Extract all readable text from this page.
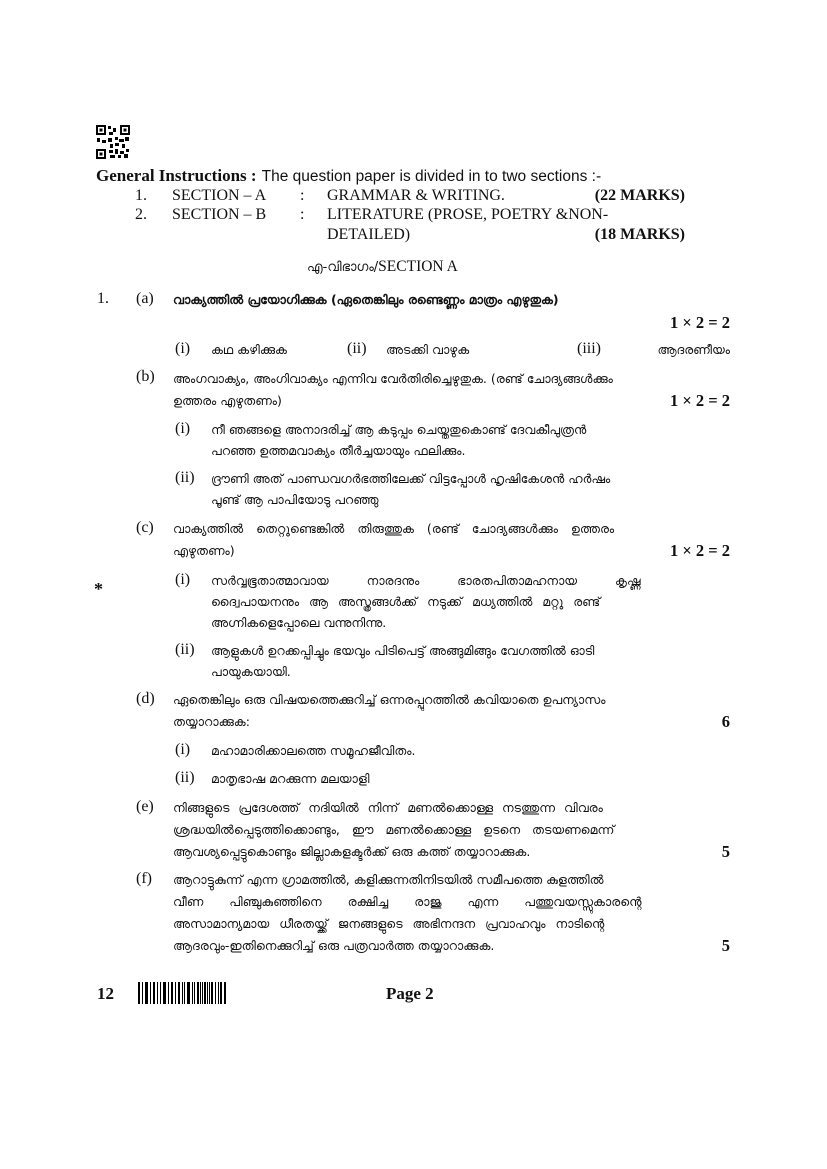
General Instructions : The question paper is divided in to two sections :-
1. SECTION – A : GRAMMAR & WRITING.	(22 MARKS)
2. SECTION – B : LITERATURE (PROSE, POETRY &NON-
DETAILED)	(18 MARKS)
എ-വിഭാഗം/SECTION A
1. (a) വാക്യത്തിൽ പ്രയോഗിക്കുക (ഏതെങ്കിലും രണ്ടെണ്ണം മാത്രം എഴുതുക)
1 × 2 = 2
(i) കഥ കഴിക്കുക	(ii) അടക്കി വാഴുക	(iii)	ആദരണീയം
(b) അംഗവാക്യം, അംഗിവാക്യം എന്നിവ വേർതിരിച്ചെഴുതുക. (രണ്ട് ചോദ്യങ്ങൾക്കും
ഉത്തരം എഴുതണം)	1 × 2 = 2
(i) നീ ഞങ്ങളെ അനാദരിച്ച് ആ കടുപ്പം ചെയ്തതുകൊണ്ട് ദേവകീപുത്രൻ
പറഞ്ഞ ഉത്തമവാക്യം തീർച്ചയായും ഫലിക്കും.
(ii) ദ്രൗണി അത് പാണ്ഡവഗർഭത്തിലേക്ക് വിട്ടപ്പോൾ ഹൃഷികേശൻ ഹർഷം
പൂണ്ട് ആ പാപിയോടു പറഞ്ഞു
(c) വാക്യത്തിൽ തെറ്റുണ്ടെങ്കിൽ തിരുത്തുക (രണ്ട് ചോദ്യങ്ങൾക്കും ഉത്തരം
എഴുതണം)	1 × 2 = 2
*	(i) സർവ്വഭൂതാത്മാവായ നാരദനും ഭാരതപിതാമഹനായ കൃഷ്ണ
ദ്വൈപായനനും ആ അസ്ത്രങ്ങൾക്ക് നടുക്ക് മധ്യത്തിൽ മറ്റു രണ്ട്
അഗ്നികളെപ്പോലെ വന്നുനിന്നു.
(ii) ആളുകൾ ഉറക്കപ്പിച്ചും ഭയവും പിടിപെട്ട് അങ്ങുമിങ്ങും വേഗത്തിൽ ഓടി
പായുകയായി.
(d) ഏതെങ്കിലും ഒരു വിഷയത്തെക്കുറിച്ച് ഒന്നരപ്പുറത്തിൽ കവിയാതെ ഉപന്യാസം
തയ്യാറാക്കുക:	6
(i) മഹാമാരിക്കാലത്തെ സമൂഹജീവിതം.
(ii) മാതൃഭാഷ മറക്കുന്ന മലയാളി
(e) നിങ്ങളുടെ പ്രദേശത്ത് നദിയിൽ നിന്ന് മണൽക്കൊള്ള നടത്തുന്ന വിവരം
ശ്രദ്ധയിൽപ്പെടുത്തിക്കൊണ്ടും, ഈ മണൽക്കൊള്ള ഉടനെ തടയണമെന്ന്
ആവശ്യപ്പെട്ടുകൊണ്ടും ജില്ലാകളക്ടർക്ക് ഒരു കത്ത് തയ്യാറാക്കുക.	5
(f) ആറാട്ടുകുന്ന് എന്ന ഗ്രാമത്തിൽ, കളിക്കുന്നതിനിടയിൽ സമീപത്തെ കുളത്തിൽ
വീണ പിഞ്ചുകുഞ്ഞിനെ രക്ഷിച്ച രാജു എന്ന പത്തുവയസ്സുകാരന്റെ
അസാമാന്യമായ ധീരതയ്ക്ക് ജനങ്ങളുടെ അഭിനന്ദന പ്രവാഹവും നാടിന്റെ
ആദരവും-ഇതിനെക്കുറിച്ച് ഒരു പത്രവാർത്ത തയ്യാറാക്കുക.	5
12	Page 2
